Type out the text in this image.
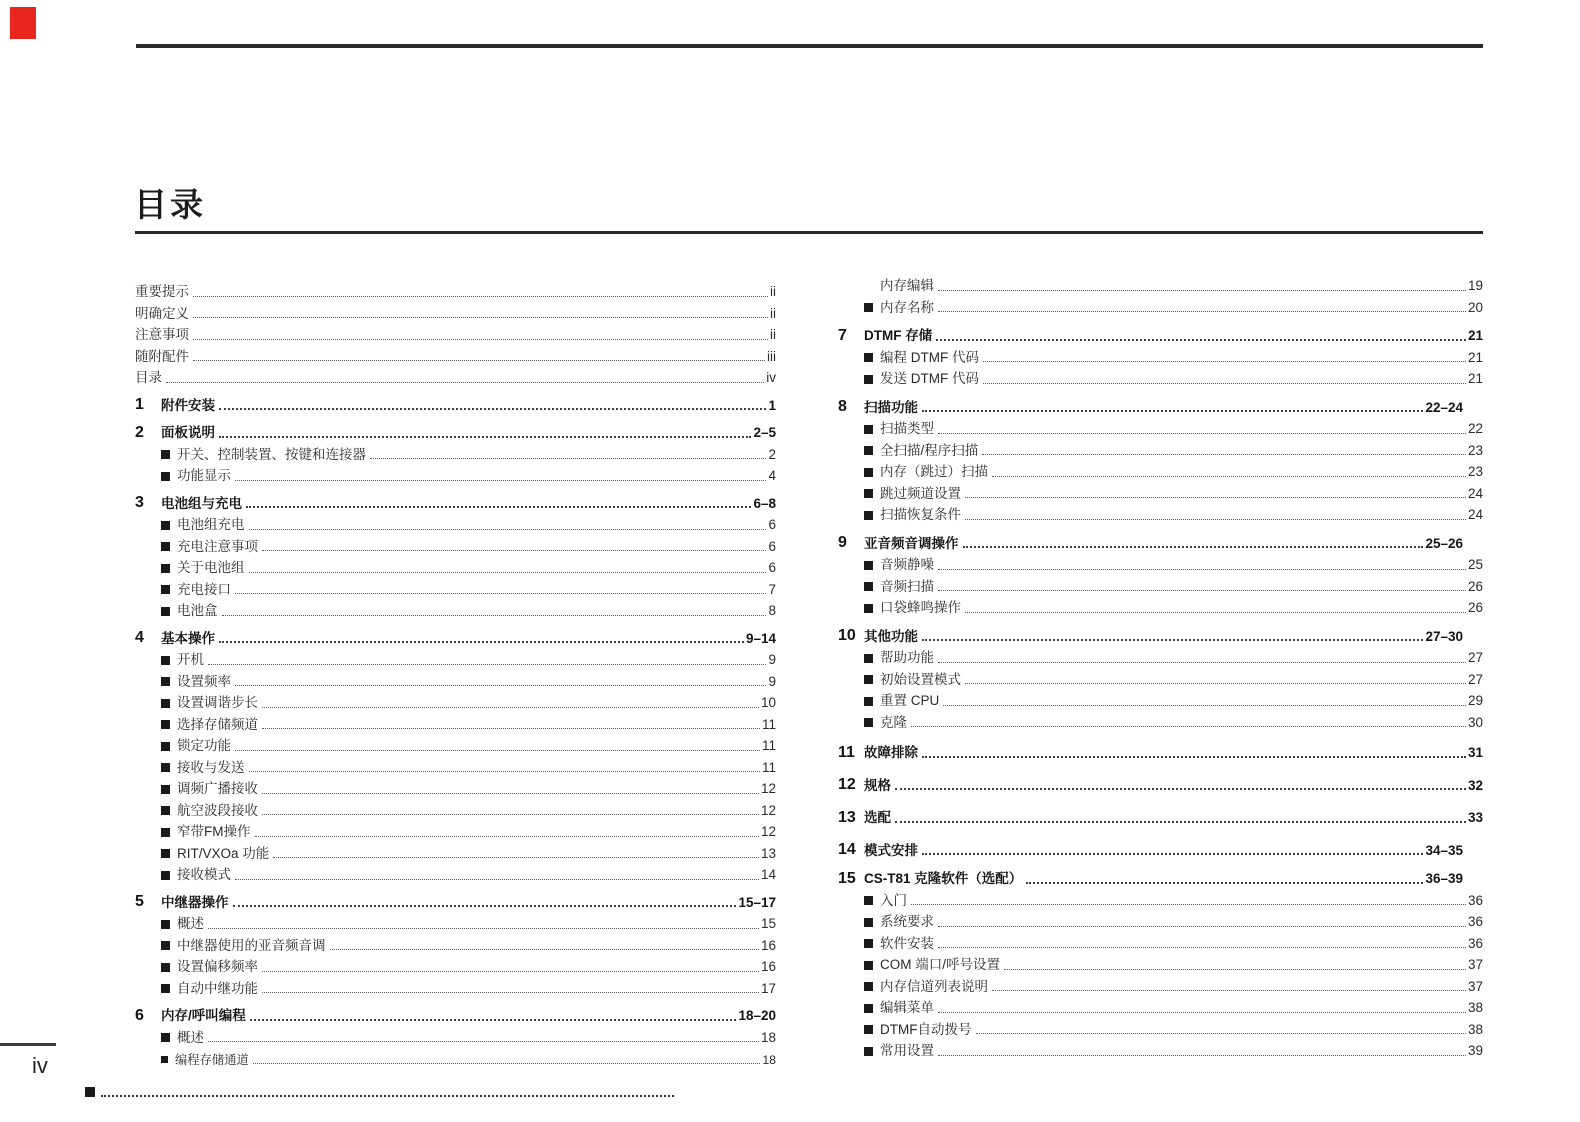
目录
重要提示	ii
明确定义	ii
注意事项	ii
随附配件	iii
目录	iv
1	附件安装	1
2	面板说明	2–5
开关、控制装置、按键和连接器	2
功能显示	4
3	电池组与充电	6–8
电池组充电	6
充电注意事项	6
关于电池组	6
充电接口	7
电池盒	8
4	基本操作	9–14
开机	9
设置频率	9
设置调谐步长	10
选择存储频道	11
锁定功能	11
接收与发送	11
调频广播接收	12
航空波段接收	12
窄带FM操作	12
RIT/VXOa 功能	13
接收模式	14
5	中继器操作	15–17
概述	15
中继器使用的亚音频音调	16
设置偏移频率	16
自动中继功能	17
6	内存/呼叫编程	18–20
概述	18
编程存储通道	18
内存编辑	19
内存名称	20
7	DTMF 存储	21
编程 DTMF 代码	21
发送 DTMF 代码	21
8	扫描功能	22–24
扫描类型	22
全扫描/程序扫描	23
内存（跳过）扫描	23
跳过频道设置	24
扫描恢复条件	24
9	亚音频音调操作	25–26
音频静噪	25
音频扫描	26
口袋蜂鸣操作	26
10 其他功能	27–30
帮助功能	27
初始设置模式	27
重置 CPU	29
克隆	30
11 故障排除	31
12 规格	32
13 选配	33
14 模式安排	34–35
15 CS-T81 克隆软件（选配）	36–39
入门	36
系统要求	36
软件安装	36
COM 端口/呼号设置	37
内存信道列表说明	37
编辑菜单	38
DTMF自动拨号	38
常用设置	39
iv
